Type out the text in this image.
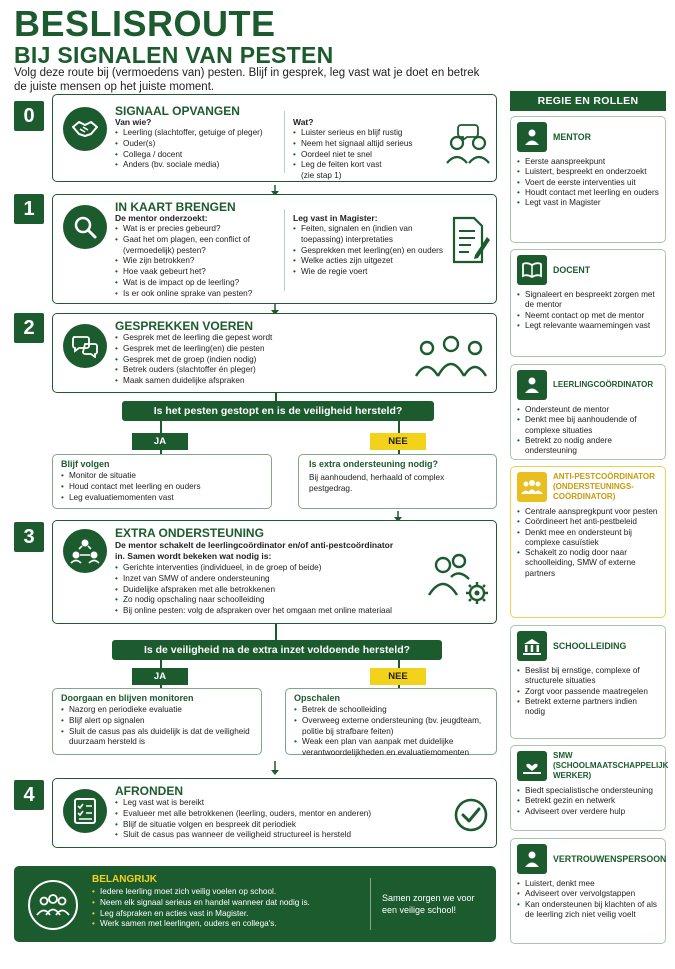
BESLISROUTE
BIJ SIGNALEN VAN PESTEN
Volg deze route bij (vermoedens van) pesten. Blijf in gesprek, leg vast wat je doet en betrek de juiste mensen op het juiste moment.
0	SIGNAAL OPVANGEN
Van wie?
• Leerling (slachtoffer, getuige of pleger)
• Ouder(s)
• Collega / docent
• Anders (bv. sociale media)
Wat?
• Luister serieus en blijf rustig
• Neem het signaal altijd serieus
• Oordeel niet te snel
• Leg de feiten kort vast
(zie stap 1)
1	IN KAART BRENGEN
De mentor onderzoekt:
• Wat is er precies gebeurd?
• Gaat het om plagen, een conflict of (vermoedelijk) pesten?
• Wie zijn betrokken?
• Hoe vaak gebeurt het?
• Wat is de impact op de leerling?
• Is er ook online sprake van pesten?
Leg vast in Magister:
• Feiten, signalen en (indien van toepassing) interpretaties
• Gesprekken met leerling(en) en ouders
• Welke acties zijn uitgezet
• Wie de regie voert
2	GESPREKKEN VOEREN
• Gesprek met de leerling die gepest wordt
• Gesprek met de leerling(en) die pesten
• Gesprek met de groep (indien nodig)
• Betrek ouders (slachtoffer én pleger)
• Maak samen duidelijke afspraken
Is het pesten gestopt en is de veiligheid hersteld?
JA	NEE
Blijf volgen
• Monitor de situatie
• Houd contact met leerling en ouders
• Leg evaluatiemomenten vast
Is extra ondersteuning nodig?
Bij aanhoudend, herhaald of complex pestgedrag.
3	EXTRA ONDERSTEUNING
De mentor schakelt de leerlingcoördinator en/of anti-pestcoördinator in. Samen wordt bekeken wat nodig is:
• Gerichte interventies (individueel, in de groep of beide)
• Inzet van SMW of andere ondersteuning
• Duidelijke afspraken met alle betrokkenen
• Zo nodig opschaling naar schoolleiding
• Bij online pesten: volg de afspraken over het omgaan met online materiaal
Is de veiligheid na de extra inzet voldoende hersteld?
JA	NEE
Doorgaan en blijven monitoren
• Nazorg en periodieke evaluatie
• Blijf alert op signalen
• Sluit de casus pas als duidelijk is dat de veiligheid duurzaam hersteld is
Opschalen
• Betrek de schoolleiding
• Overweeg externe ondersteuning (bv. jeugdteam, politie bij strafbare feiten)
• Weak een plan van aanpak met duidelijke verantwoordelijkheden en evaluatiemomenten
4	AFRONDEN
• Leg vast wat is bereikt
• Evalueer met alle betrokkenen (leerling, ouders, mentor en anderen)
• Blijf de situatie volgen en bespreek dit periodiek
• Sluit de casus pas wanneer de veiligheid structureel is hersteld
BELANGRIJK
• Iedere leerling moet zich veilig voelen op school.
• Neem elk signaal serieus en handel wanneer dat nodig is.
• Leg afspraken en acties vast in Magister.
• Werk samen met leerlingen, ouders en collega's.
Samen zorgen we voor een veilige school!
REGIE EN ROLLEN
MENTOR
• Eerste aanspreekpunt
• Luistert, bespreekt en onderzoekt
• Voert de eerste interventies uit
• Houdt contact met leerling en ouders
• Legt vast in Magister
DOCENT
• Signaleert en bespreekt zorgen met de mentor
• Neemt contact op met de mentor
• Legt relevante waarnemingen vast
LEERLINGCOÖRDINATOR
• Ondersteunt de mentor
• Denkt mee bij aanhoudende of complexe situaties
• Betrekt zo nodig andere ondersteuning
ANTI-PESTCOÖRDINATOR (ONDERSTEUNINGS-COÖRDINATOR)
• Centrale aanspregkpunt voor pesten
• Coördineert het anti-pestbeleid
• Denkt mee en ondersteunt bij complexe casuïstiek
• Schakelt zo nodig door naar schoolleiding, SMW of externe partners
SCHOOLLEIDING
• Beslist bij ernstige, complexe of structurele situaties
• Zorgt voor passende maatregelen
• Betrekt externe partners indien nodig
SMW (SCHOOLMAATSCHAPPELIJK WERKER)
• Biedt specialistische ondersteuning
• Betrekt gezin en netwerk
• Adviseert over verdere hulp
VERTROUWENSPERSOON
• Luistert, denkt mee
• Adviseert over vervolgstappen
• Kan ondersteunen bij klachten of als de leerling zich niet veilig voelt
